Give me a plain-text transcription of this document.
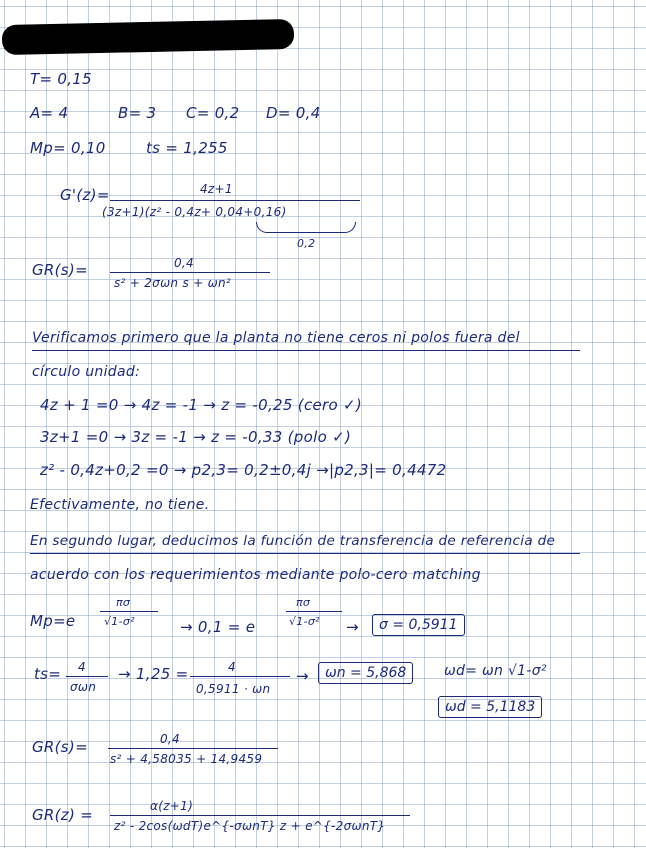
T= 0,15
A= 4	B= 3 C= 0,2 D= 0,4
Mp= 0,10	ts = 1,255
G'(z)=	4z+1
(3z+1)(z² - 0,4z+ 0,04+0,16)
0,2
GR(s)=	0,4
s² + 2σωn s + ωn²
Verificamos primero que la planta no tiene ceros ni polos fuera del
círculo unidad:
4z + 1 =0 → 4z = -1 → z = -0,25 (cero ✓)
3z+1 =0 → 3z = -1 → z = -0,33 (polo ✓)
z² - 0,4z+0,2 =0 → p2,3= 0,2±0,4j →|p2,3|= 0,4472
Efectivamente, no tiene.
En segundo lugar, deducimos la función de transferencia de referencia de
acuerdo con los requerimientos mediante polo-cero matching
Mp=e
πσ
√1-σ²	→ 0,1 = e
πσ
√1-σ² →	σ = 0,5911
ts= 4
σωn
→ 1,25 =	4
0,5911 · ωn
→	ωn = 5,868	ωd= ωn √1-σ²
ωd = 5,1183
GR(s)=	0,4
s² + 4,58035 + 14,9459
GR(z) =	α(z+1)
z² - 2cos(ωdT)e^{-σωnT} z + e^{-2σωnT}
